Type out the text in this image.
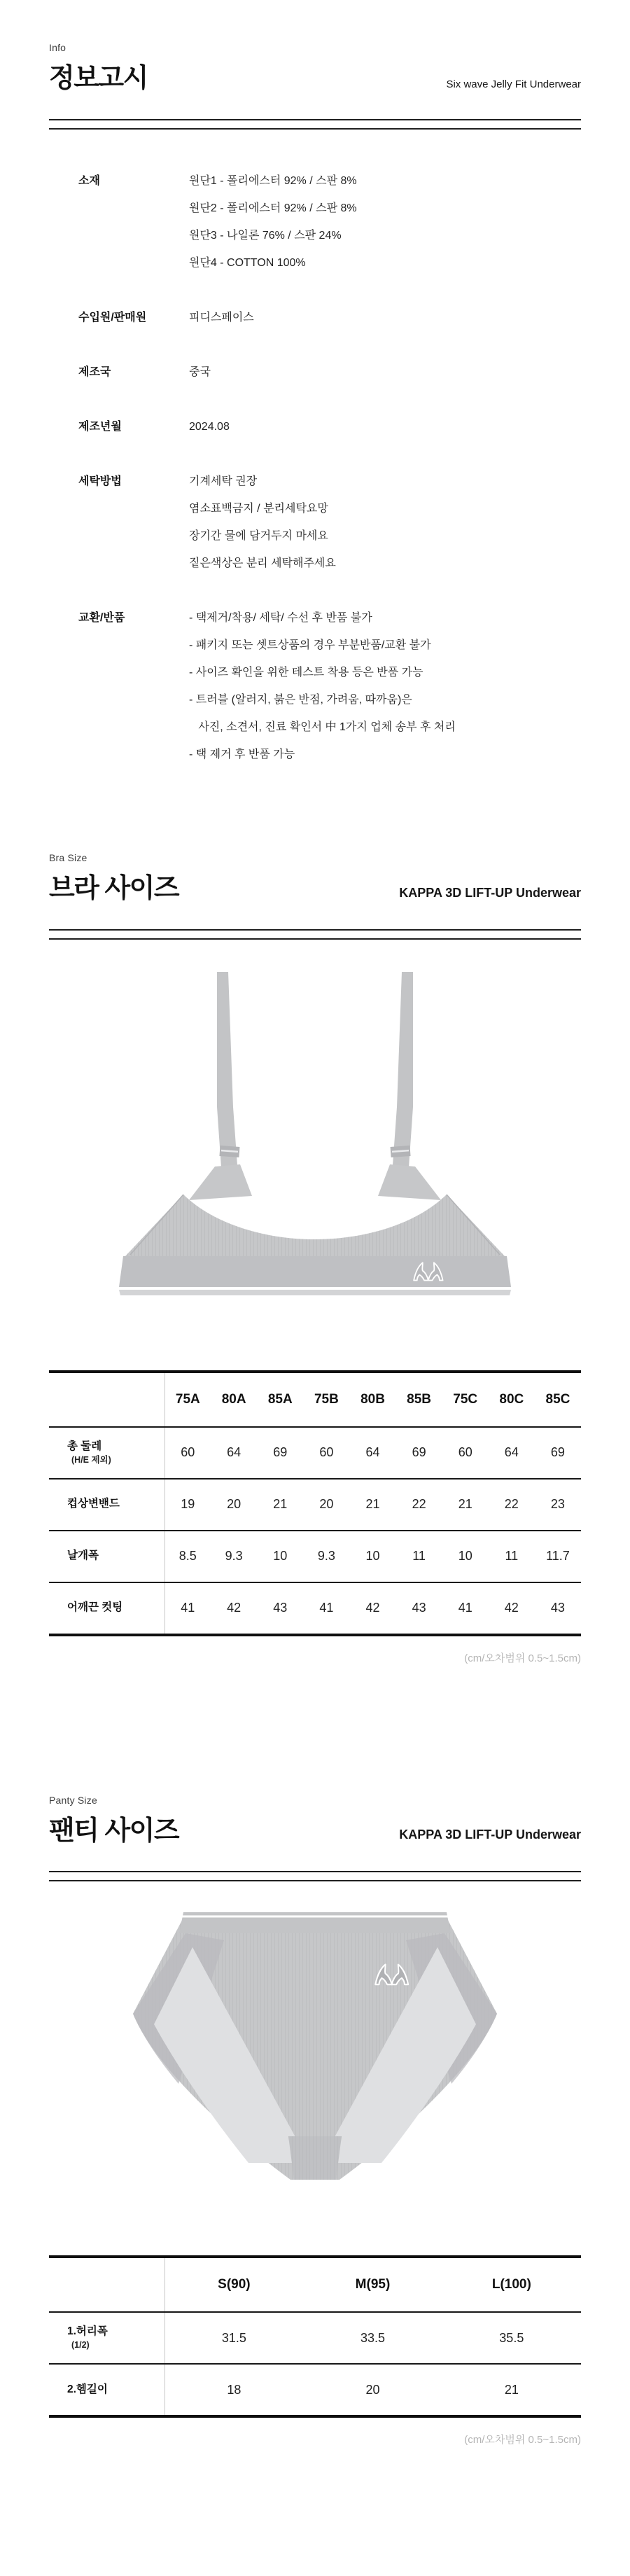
Info
정보고시	Six wave Jelly Fit Underwear
소재	원단1 - 폴리에스터 92% / 스판 8%
원단2 - 폴리에스터 92% / 스판 8%
원단3 - 나일론 76% / 스판 24%
원단4 - COTTON 100%
수입원/판매원	피디스페이스
제조국	중국
제조년월	2024.08
세탁방법	기계세탁 권장
염소표백금지 / 분리세탁요망
장기간 물에 담거두지 마세요
짙은색상은 분리 세탁해주세요
교환/반품	- 택제거/착용/ 세탁/ 수선 후 반품 불가
- 패키지 또는 셋트상품의 경우 부분반품/교환 불가
- 사이즈 확인을 위한 테스트 착용 등은 반품 가능
- 트러블 (알러지, 붉은 반점, 가려움, 따까움)은
사진, 소견서, 진료 확인서 中 1가지 업체 송부 후 처리
- 택 제거 후 반품 가능
Bra Size
브라 사이즈	KAPPA 3D LIFT-UP Underwear
	75A	80A	85A	75B	80B	85B	75C	80C	85C
총 둘레
(H/E 제외)	60	64	69	60	64	69	60	64	69
컵상변밴드	19	20	21	20	21	22	21	22	23
날개폭	8.5	9.3	10	9.3	10	11	10	11	11.7
어깨끈 컷팅	41	42	43	41	42	43	41	42	43
(cm/오차범위 0.5~1.5cm)
Panty Size
팬티 사이즈	KAPPA 3D LIFT-UP Underwear
	S(90)	M(95)	L(100)
1.허리폭
(1/2)	31.5	33.5	35.5
2.헴길이	18	20	21
(cm/오차범위 0.5~1.5cm)
